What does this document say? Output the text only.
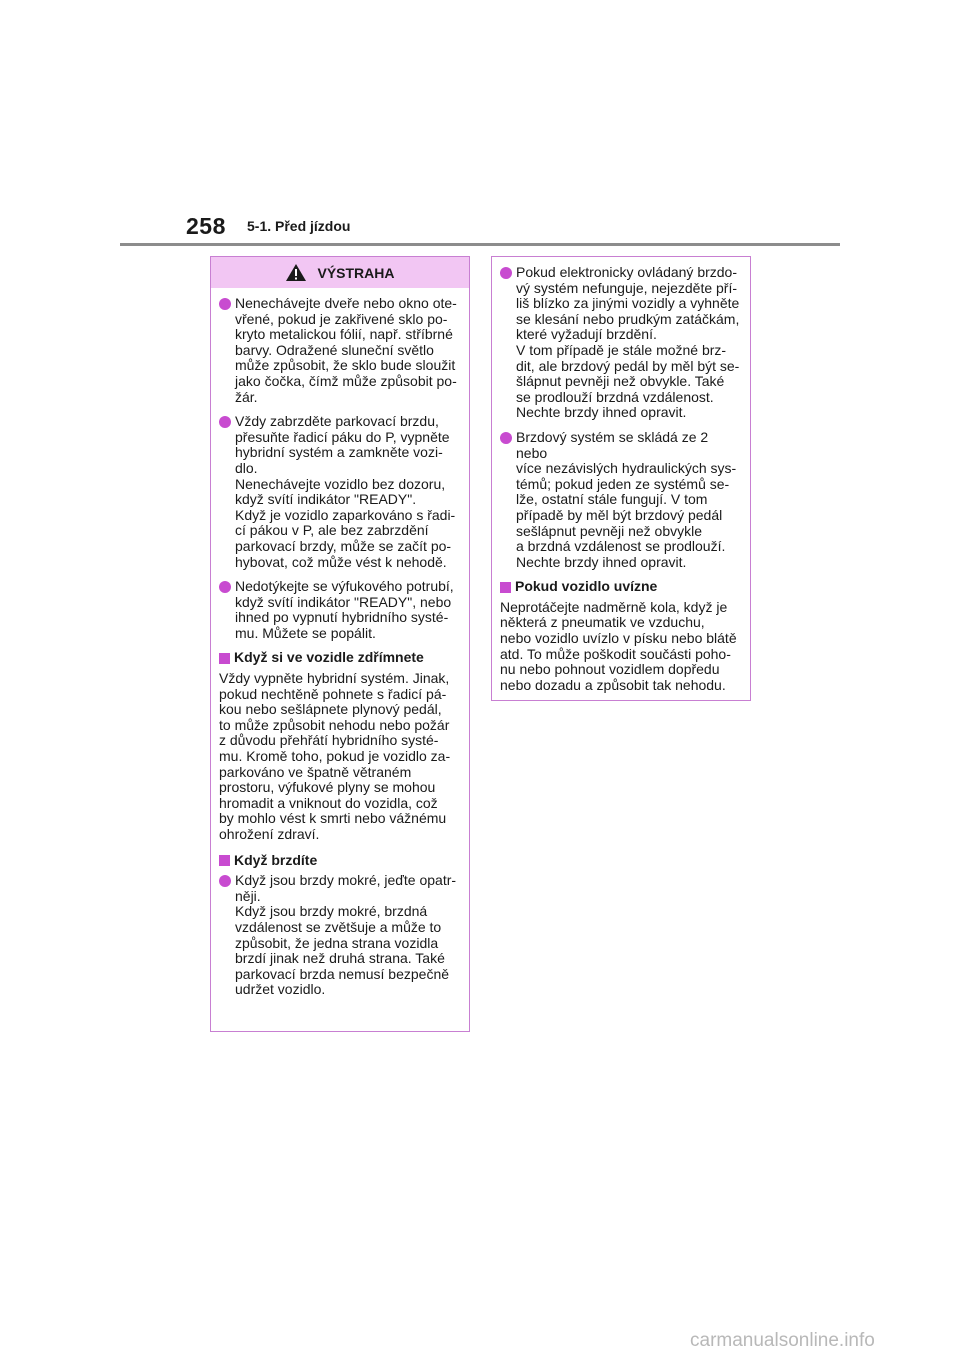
258 5-1. Před jízdou
VÝSTRAHA
Nenechávejte dveře nebo okno ote-
vřené, pokud je zakřivené sklo po-
kryto metalickou fólií, např. stříbrné
barvy. Odražené sluneční světlo
může způsobit, že sklo bude sloužit
jako čočka, čímž může způsobit po-
žár.
Vždy zabrzděte parkovací brzdu,
přesuňte řadicí páku do P, vypněte
hybridní systém a zamkněte vozi-
dlo.
Nenechávejte vozidlo bez dozoru,
když svítí indikátor "READY".
Když je vozidlo zaparkováno s řadi-
cí pákou v P, ale bez zabrzdění
parkovací brzdy, může se začít po-
hybovat, což může vést k nehodě.
Nedotýkejte se výfukového potrubí,
když svítí indikátor "READY", nebo
ihned po vypnutí hybridního systé-
mu. Můžete se popálit.
Když si ve vozidle zdřímnete
Vždy vypněte hybridní systém. Jinak,
pokud nechtěně pohnete s řadicí pá-
kou nebo sešlápnete plynový pedál,
to může způsobit nehodu nebo požár
z důvodu přehřátí hybridního systé-
mu. Kromě toho, pokud je vozidlo za-
parkováno ve špatně větraném
prostoru, výfukové plyny se mohou
hromadit a vniknout do vozidla, což
by mohlo vést k smrti nebo vážnému
ohrožení zdraví.
Když brzdíte
Když jsou brzdy mokré, jeďte opatr-
něji.
Když jsou brzdy mokré, brzdná
vzdálenost se zvětšuje a může to
způsobit, že jedna strana vozidla
brzdí jinak než druhá strana. Také
parkovací brzda nemusí bezpečně
udržet vozidlo.
Pokud elektronicky ovládaný brzdo-
vý systém nefunguje, nejezděte pří-
liš blízko za jinými vozidly a vyhněte
se klesání nebo prudkým zatáčkám,
které vyžadují brzdění.
V tom případě je stále možné brz-
dit, ale brzdový pedál by měl být se-
šlápnut pevněji než obvykle. Také
se prodlouží brzdná vzdálenost.
Nechte brzdy ihned opravit.
Brzdový systém se skládá ze 2 nebo
více nezávislých hydraulických sys-
témů; pokud jeden ze systémů se-
lže, ostatní stále fungují. V tom
případě by měl být brzdový pedál
sešlápnut pevněji než obvykle
a brzdná vzdálenost se prodlouží.
Nechte brzdy ihned opravit.
Pokud vozidlo uvízne
Neprotáčejte nadměrně kola, když je
některá z pneumatik ve vzduchu,
nebo vozidlo uvízlo v písku nebo blátě
atd. To může poškodit součásti poho-
nu nebo pohnout vozidlem dopředu
nebo dozadu a způsobit tak nehodu.
carmanualsonline.info
